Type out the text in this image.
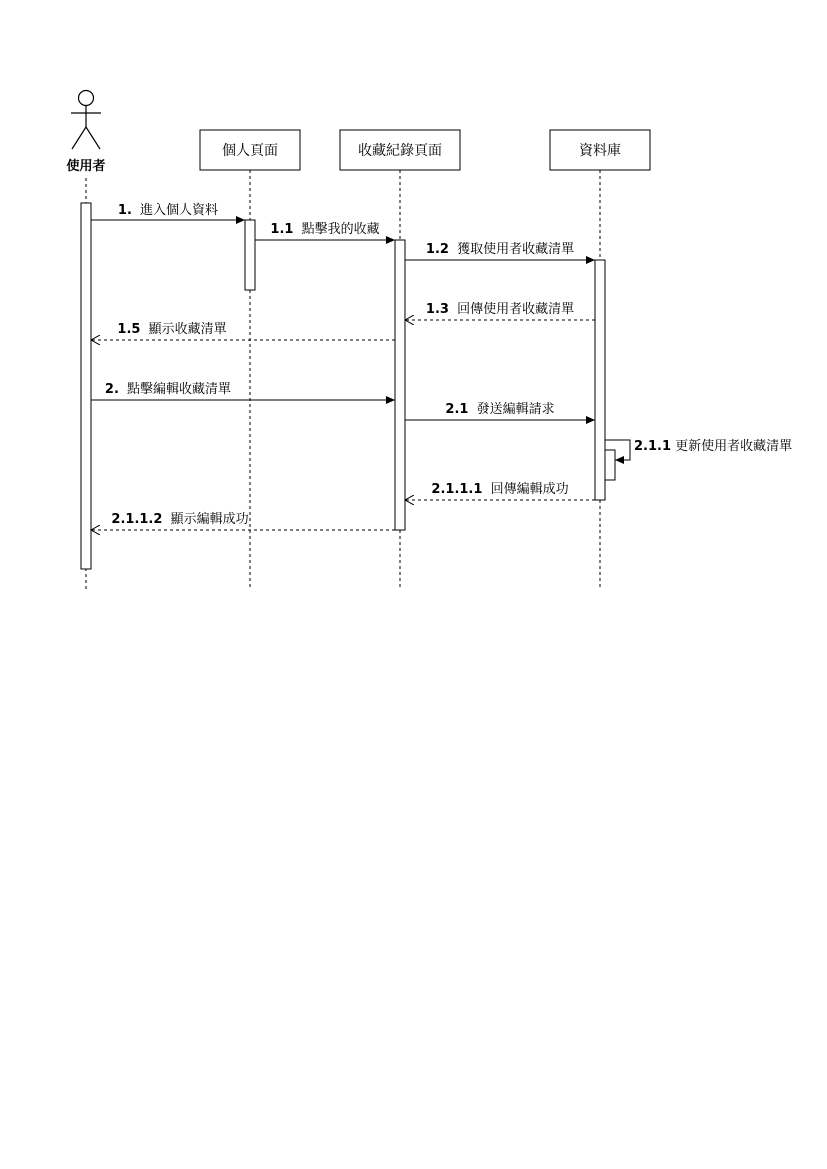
使用者
個人頁面	收藏紀錄頁面	資料庫
1. 進入個人資料
1.1 點擊我的收藏
1.2 獲取使用者收藏清單
1.3 回傳使用者收藏清單
1.5 顯示收藏清單
2. 點擊編輯收藏清單
2.1 發送編輯請求
2.1.1 更新使用者收藏清單
2.1.1.1 回傳編輯成功
2.1.1.2 顯示編輯成功
